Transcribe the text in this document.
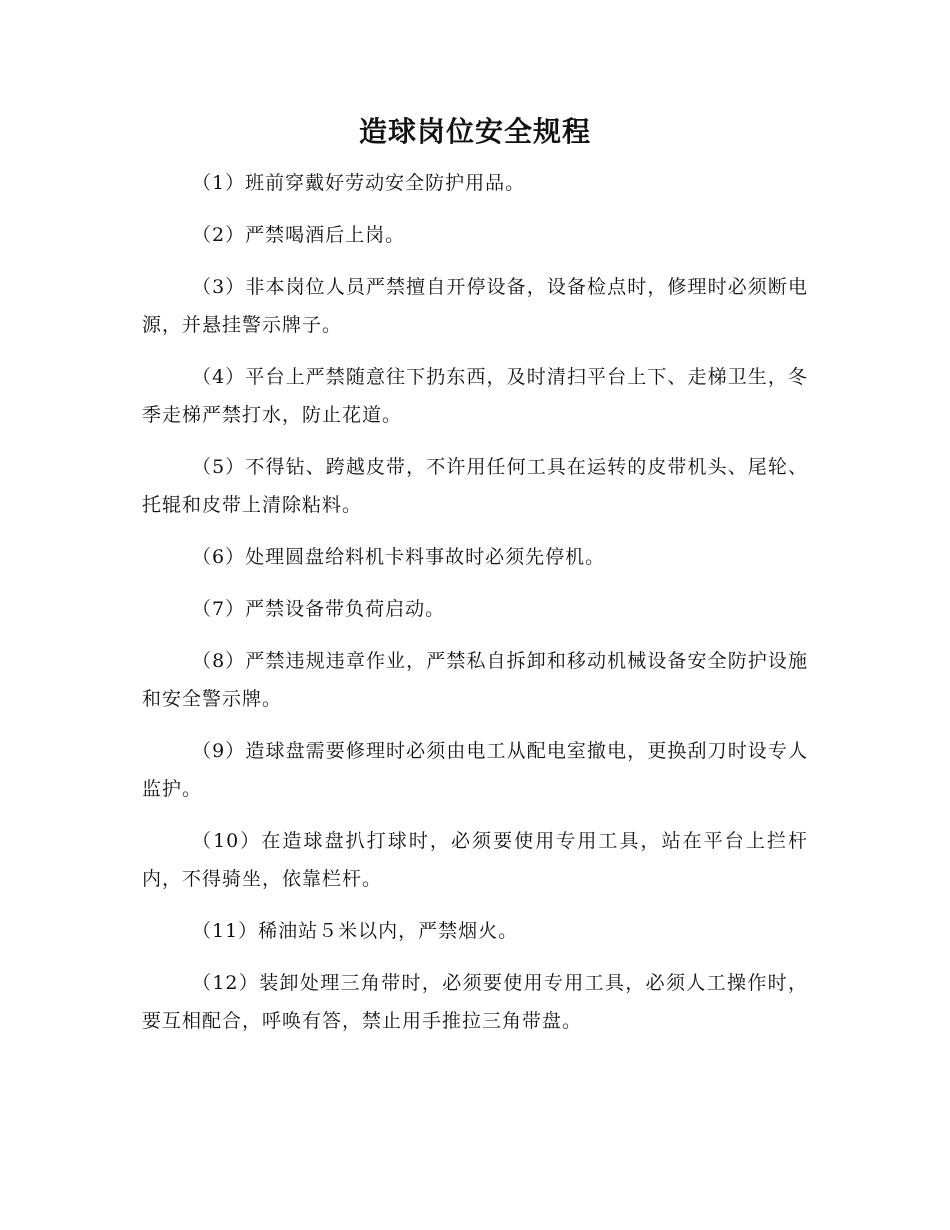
造球岗位安全规程
（1）班前穿戴好劳动安全防护用品。
（2）严禁喝酒后上岗。
（3）非本岗位人员严禁擅自开停设备，设备检点时，修理时必须断电源，并悬挂警示牌子。
（4）平台上严禁随意往下扔东西，及时清扫平台上下、走梯卫生，冬季走梯严禁打水，防止花道。
（5）不得钻、跨越皮带，不许用任何工具在运转的皮带机头、尾轮、托辊和皮带上清除粘料。
（6）处理圆盘给料机卡料事故时必须先停机。
（7）严禁设备带负荷启动。
（8）严禁违规违章作业，严禁私自拆卸和移动机械设备安全防护设施和安全警示牌。
（9）造球盘需要修理时必须由电工从配电室撤电，更换刮刀时设专人监护。
（10）在造球盘扒打球时，必须要使用专用工具，站在平台上拦杆内，不得骑坐，依靠栏杆。
（11）稀油站５米以内，严禁烟火。
（12）装卸处理三角带时，必须要使用专用工具，必须人工操作时，要互相配合，呼唤有答，禁止用手推拉三角带盘。
